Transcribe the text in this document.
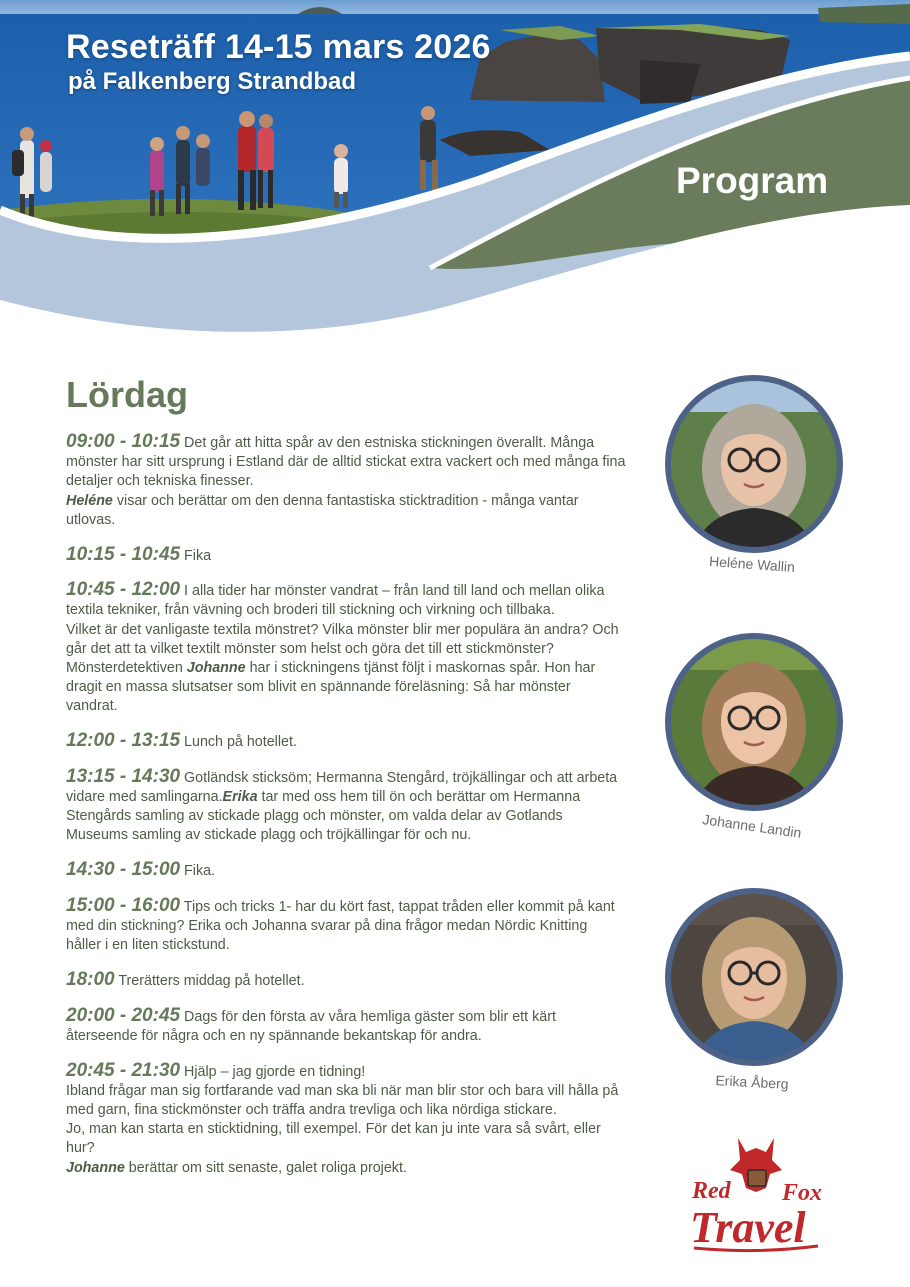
Reseträff 14-15 mars 2026
på Falkenberg Strandbad
Program
Lördag
09:00 - 10:15 Det går att hitta spår av den estniska stickningen överallt. Många mönster har sitt ursprung i Estland där de alltid stickat extra vackert och med många fina detaljer och tekniska finesser.
Heléne visar och berättar om den denna fantastiska sticktradition - många vantar utlovas.
10:15 - 10:45 Fika
10:45 - 12:00 I alla tider har mönster vandrat – från land till land och mellan olika textila tekniker, från vävning och broderi till stickning och virkning och tillbaka.
Vilket är det vanligaste textila mönstret? Vilka mönster blir mer populära än andra? Och går det att ta vilket textilt mönster som helst och göra det till ett stickmönster?
Mönsterdetektiven Johanne har i stickningens tjänst följt i maskornas spår. Hon har dragit en massa slutsatser som blivit en spännande föreläsning: Så har mönster vandrat.
12:00 - 13:15 Lunch på hotellet.
13:15 - 14:30 Gotländsk sticksöm; Hermanna Stengård, tröjkällingar och att arbeta vidare med samlingarna.Erika tar med oss hem till ön och berättar om Hermanna Stengårds samling av stickade plagg och mönster, om valda delar av Gotlands Museums samling av stickade plagg och tröjkällingar för och nu.
14:30 - 15:00 Fika.
15:00 - 16:00 Tips och tricks 1- har du kört fast, tappat tråden eller kommit på kant med din stickning? Erika och Johanna svarar på dina frågor medan Nördic Knitting håller i en liten stickstund.
18:00 Trerätters middag på hotellet.
20:00 - 20:45 Dags för den första av våra hemliga gäster som blir ett kärt återseende för några och en ny spännande bekantskap för andra.
20:45 - 21:30 Hjälp – jag gjorde en tidning!
Ibland frågar man sig fortfarande vad man ska bli när man blir stor och bara vill hålla på med garn, fina stickmönster och träffa andra trevliga och lika nördiga stickare.
Jo, man kan starta en sticktidning, till exempel. För det kan ju inte vara så svårt, eller hur?
Johanne berättar om sitt senaste, galet roliga projekt.
Heléne Wallin
Johanne Landin
Erika Åberg
Red Fox
Travel
